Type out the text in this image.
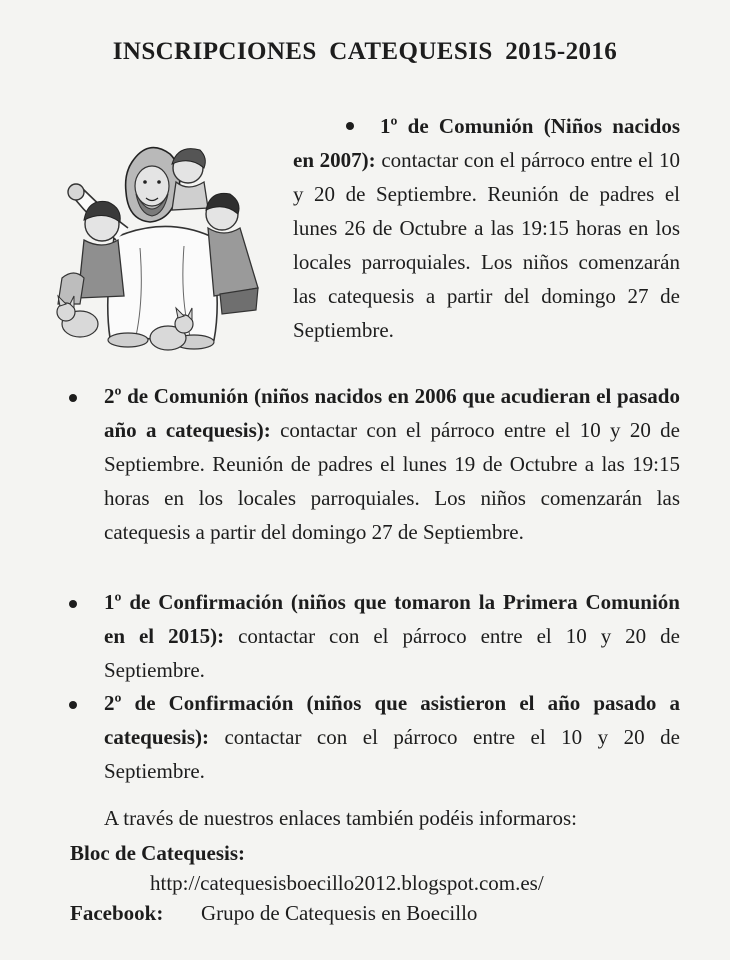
INSCRIPCIONES CATEQUESIS 2015-2016
1º de Comunión (Niños nacidos en 2007): contactar con el párroco entre el 10 y 20 de Septiembre. Reunión de padres el lunes 26 de Octubre a las 19:15 horas en los locales parroquiales. Los niños comenzarán las catequesis a partir del domingo 27 de Septiembre.
2º de Comunión (niños nacidos en 2006 que acudieran el pasado año a catequesis): contactar con el párroco entre el 10 y 20 de Septiembre. Reunión de padres el lunes 19 de Octubre a las 19:15 horas en los locales parroquiales. Los niños comenzarán las catequesis a partir del domingo 27 de Septiembre.
1º de Confirmación (niños que tomaron la Primera Comunión en el 2015): contactar con el párroco entre el 10 y 20 de Septiembre.
2º de Confirmación (niños que asistieron el año pasado a catequesis): contactar con el párroco entre el 10 y 20 de Septiembre.
A través de nuestros enlaces también podéis informaros:
Bloc de Catequesis:
http://catequesisboecillo2012.blogspot.com.es/
Facebook: Grupo de Catequesis en Boecillo
